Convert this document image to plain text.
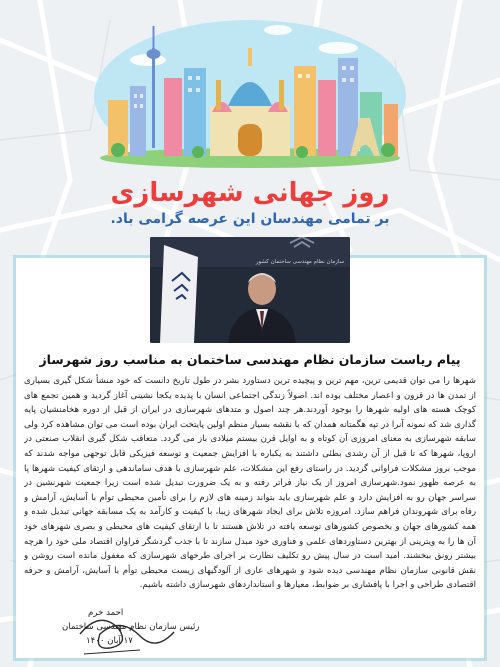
روز جهانی شهرسازی
بر تمامی مهندسان این عرصه گرامی باد.
سازمان نظام مهندسی ساختمان کشور
پیام ریاست سازمان نظام مهندسی ساختمان به مناسب روز شهرساز
شهرها را می توان قدیمی ترین، مهم ترین و پیچیده ترین دستاورد بشر در طول تاریخ دانست که خود منشأ شکل گیری بسیاری از تمدن ها در قرون و اعصار مختلف بوده اند. اصولاً زندگی اجتماعی انسان با پدیده یکجا نشینی آغاز گردید و همین تجمع های کوچک هسته های اولیه شهرها را بوجود آوردند.هر چند اصول و متدهای شهرسازی در ایران از قبل از دوره هخامنشیان پایه گذاری شد که نمونه آنرا در تپه هگمتانه همدان که با نقشه بسیار منظم اولین پایتخت ایران بوده است می توان مشاهده کرد ولی سابقه شهرسازی به معنای امروزی آن کوتاه و به اوایل قرن بیستم میلادی باز می گردد. متعاقب شکل گیری انقلاب صنعتی در اروپا، شهرها که تا قبل از آن رشدی بطئی داشتند به یکباره با افزایش جمعیت و توسعه فیزیکی قابل توجهی مواجه شدند که موجب بروز مشکلات فراوانی گردید. در راستای رفع این مشکلات، علم شهرسازی با هدف ساماندهی و ارتقای کیفیت شهرها پا به عرصه ظهور نمود.شهرسازی امروز از یک نیاز فراتر رفته و به یک ضرورت تبدیل شده است زیرا جمعیت شهرنشین در سراسر جهان رو به افزایش دارد و علم شهرسازی باید بتواند زمینه های لازم را برای تأمین محیطی توأم با آسایش، آرامش و رفاه برای شهروندان فراهم سازد. امروزه تلاش برای ایجاد شهرهای زیبا، با کیفیت و کارآمد به یک مسابقه جهانی تبدیل شده و همه کشورهای جهان و بخصوص کشورهای توسعه یافته در تلاش هستند تا با ارتقای کیفیت های محیطی و بصری شهرهای خود آن ها را به ویترینی از بهترین دستاوردهای علمی و فناوری خود مبدل سازند تا با جذب گردشگر فراوان اقتصاد ملی خود را هرچه بیشتر رونق ببخشند. امید است در سال پیش رو تکلیف نظارت بر اجرای طرحهای شهرسازی که مغفول مانده است روشن و نقش قانونی سازمان نظام مهندسی دیده شود و شهرهای عاری از آلودگیهای زیست محیطی توأم با آسایش، آرامش و حرفه اقتصادی طراحی و اجرا با پافشاری بر ضوابط، معیارها و استانداردهای شهرسازی داشته باشیم.
احمد خرم
رئیس سازمان نظام مهندسی ساختمان
۱۷ آبان ۱۴۰۰
